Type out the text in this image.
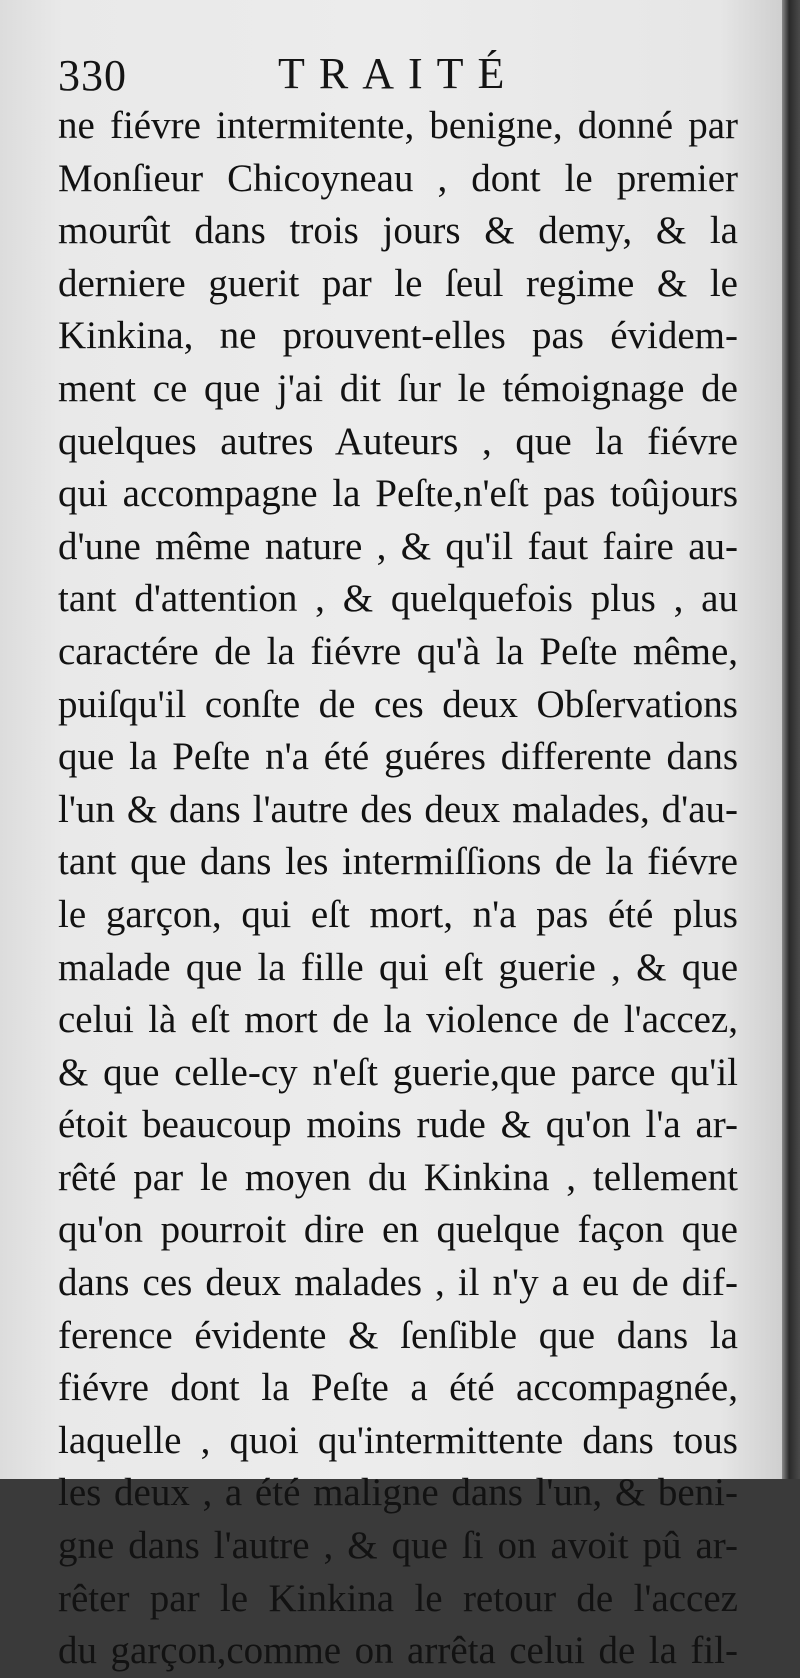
330	TRAITÉ
ne fiévre intermitente, benigne, donné par
Monſieur Chicoyneau , dont le premier
mourût dans trois jours & demy, & la
derniere guerit par le ſeul regime & le
Kinkina, ne prouvent-elles pas évidem-
ment ce que j'ai dit ſur le témoignage de
quelques autres Auteurs , que la fiévre
qui accompagne la Peſte,n'eſt pas toûjours
d'une même nature , & qu'il faut faire au-
tant d'attention , & quelquefois plus , au
caractére de la fiévre qu'à la Peſte même,
puiſqu'il conſte de ces deux Obſervations
que la Peſte n'a été guéres differente dans
l'un & dans l'autre des deux malades, d'au-
tant que dans les intermiſſions de la fiévre
le garçon, qui eſt mort, n'a pas été plus
malade que la fille qui eſt guerie , & que
celui là eſt mort de la violence de l'accez,
& que celle-cy n'eſt guerie,que parce qu'il
étoit beaucoup moins rude & qu'on l'a ar-
rêté par le moyen du Kinkina , tellement
qu'on pourroit dire en quelque façon que
dans ces deux malades , il n'y a eu de dif-
ference évidente & ſenſible que dans la
fiévre dont la Peſte a été accompagnée,
laquelle , quoi qu'intermittente dans tous
les deux , a été maligne dans l'un, & beni-
gne dans l'autre , & que ſi on avoit pû ar-
rêter par le Kinkina le retour de l'accez
du garçon,comme on arrêta celui de la fil-
